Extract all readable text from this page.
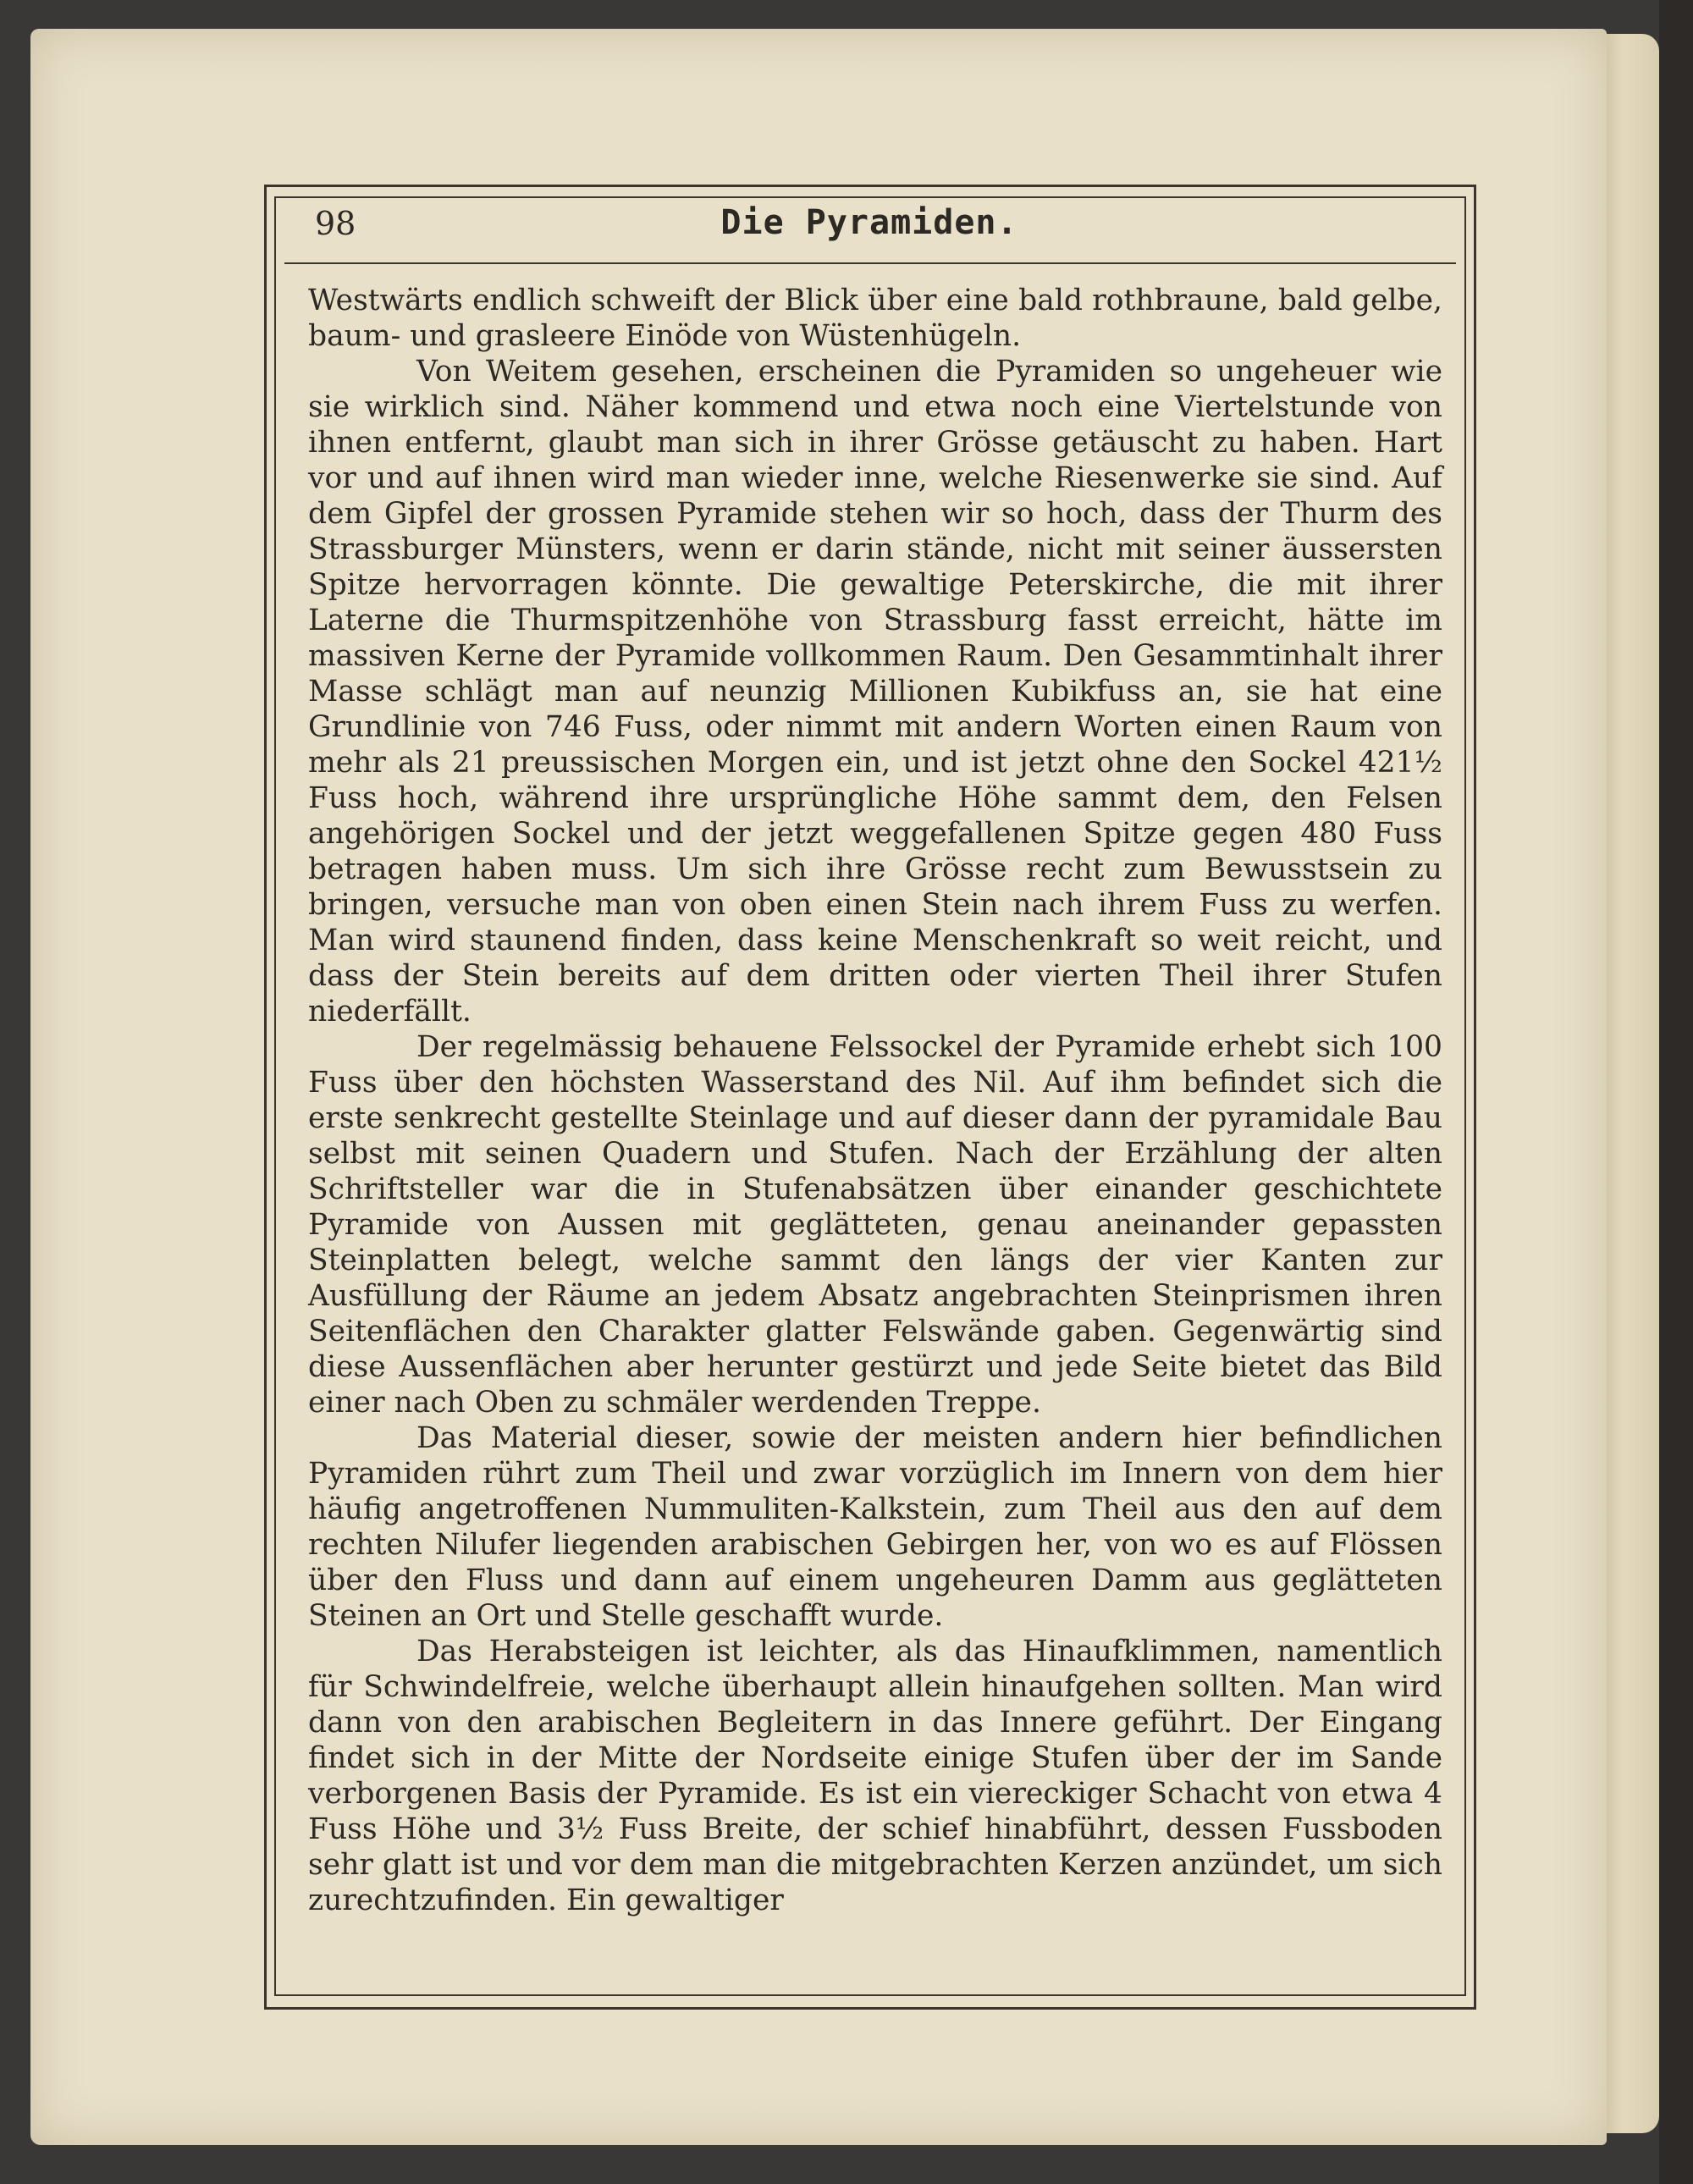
98	Die Pyramiden.

Westwärts endlich schweift der Blick über eine bald rothbraune, bald gelbe, baum- und grasleere Einöde von Wüstenhügeln.

Von Weitem gesehen, erscheinen die Pyramiden so ungeheuer wie sie wirklich sind. Näher kommend und etwa noch eine Viertelstunde von ihnen entfernt, glaubt man sich in ihrer Grösse getäuscht zu haben. Hart vor und auf ihnen wird man wieder inne, welche Riesenwerke sie sind. Auf dem Gipfel der grossen Pyramide stehen wir so hoch, dass der Thurm des Strassburger Münsters, wenn er darin stände, nicht mit seiner äussersten Spitze hervorragen könnte. Die gewaltige Peterskirche, die mit ihrer Laterne die Thurmspitzenhöhe von Strassburg fasst erreicht, hätte im massiven Kerne der Pyramide vollkommen Raum. Den Gesammtinhalt ihrer Masse schlägt man auf neunzig Millionen Kubikfuss an, sie hat eine Grundlinie von 746 Fuss, oder nimmt mit andern Worten einen Raum von mehr als 21 preussischen Morgen ein, und ist jetzt ohne den Sockel 421½ Fuss hoch, während ihre ursprüngliche Höhe sammt dem, den Felsen angehörigen Sockel und der jetzt weggefallenen Spitze gegen 480 Fuss betragen haben muss. Um sich ihre Grösse recht zum Bewusstsein zu bringen, versuche man von oben einen Stein nach ihrem Fuss zu werfen. Man wird staunend finden, dass keine Menschenkraft so weit reicht, und dass der Stein bereits auf dem dritten oder vierten Theil ihrer Stufen niederfällt.

Der regelmässig behauene Felssockel der Pyramide erhebt sich 100 Fuss über den höchsten Wasserstand des Nil. Auf ihm befindet sich die erste senkrecht gestellte Steinlage und auf dieser dann der pyramidale Bau selbst mit seinen Quadern und Stufen. Nach der Erzählung der alten Schriftsteller war die in Stufenabsätzen über einander geschichtete Pyramide von Aussen mit geglätteten, genau aneinander gepassten Steinplatten belegt, welche sammt den längs der vier Kanten zur Ausfüllung der Räume an jedem Absatz angebrachten Steinprismen ihren Seitenflächen den Charakter glatter Felswände gaben. Gegenwärtig sind diese Aussenflächen aber herunter gestürzt und jede Seite bietet das Bild einer nach Oben zu schmäler werdenden Treppe.

Das Material dieser, sowie der meisten andern hier befindlichen Pyramiden rührt zum Theil und zwar vorzüglich im Innern von dem hier häufig angetroffenen Nummuliten-Kalkstein, zum Theil aus den auf dem rechten Nilufer liegenden arabischen Gebirgen her, von wo es auf Flössen über den Fluss und dann auf einem ungeheuren Damm aus geglätteten Steinen an Ort und Stelle geschafft wurde.

Das Herabsteigen ist leichter, als das Hinaufklimmen, namentlich für Schwindelfreie, welche überhaupt allein hinaufgehen sollten. Man wird dann von den arabischen Begleitern in das Innere geführt. Der Eingang findet sich in der Mitte der Nordseite einige Stufen über der im Sande verborgenen Basis der Pyramide. Es ist ein viereckiger Schacht von etwa 4 Fuss Höhe und 3½ Fuss Breite, der schief hinabführt, dessen Fussboden sehr glatt ist und vor dem man die mitgebrachten Kerzen anzündet, um sich zurechtzufinden. Ein gewaltiger
